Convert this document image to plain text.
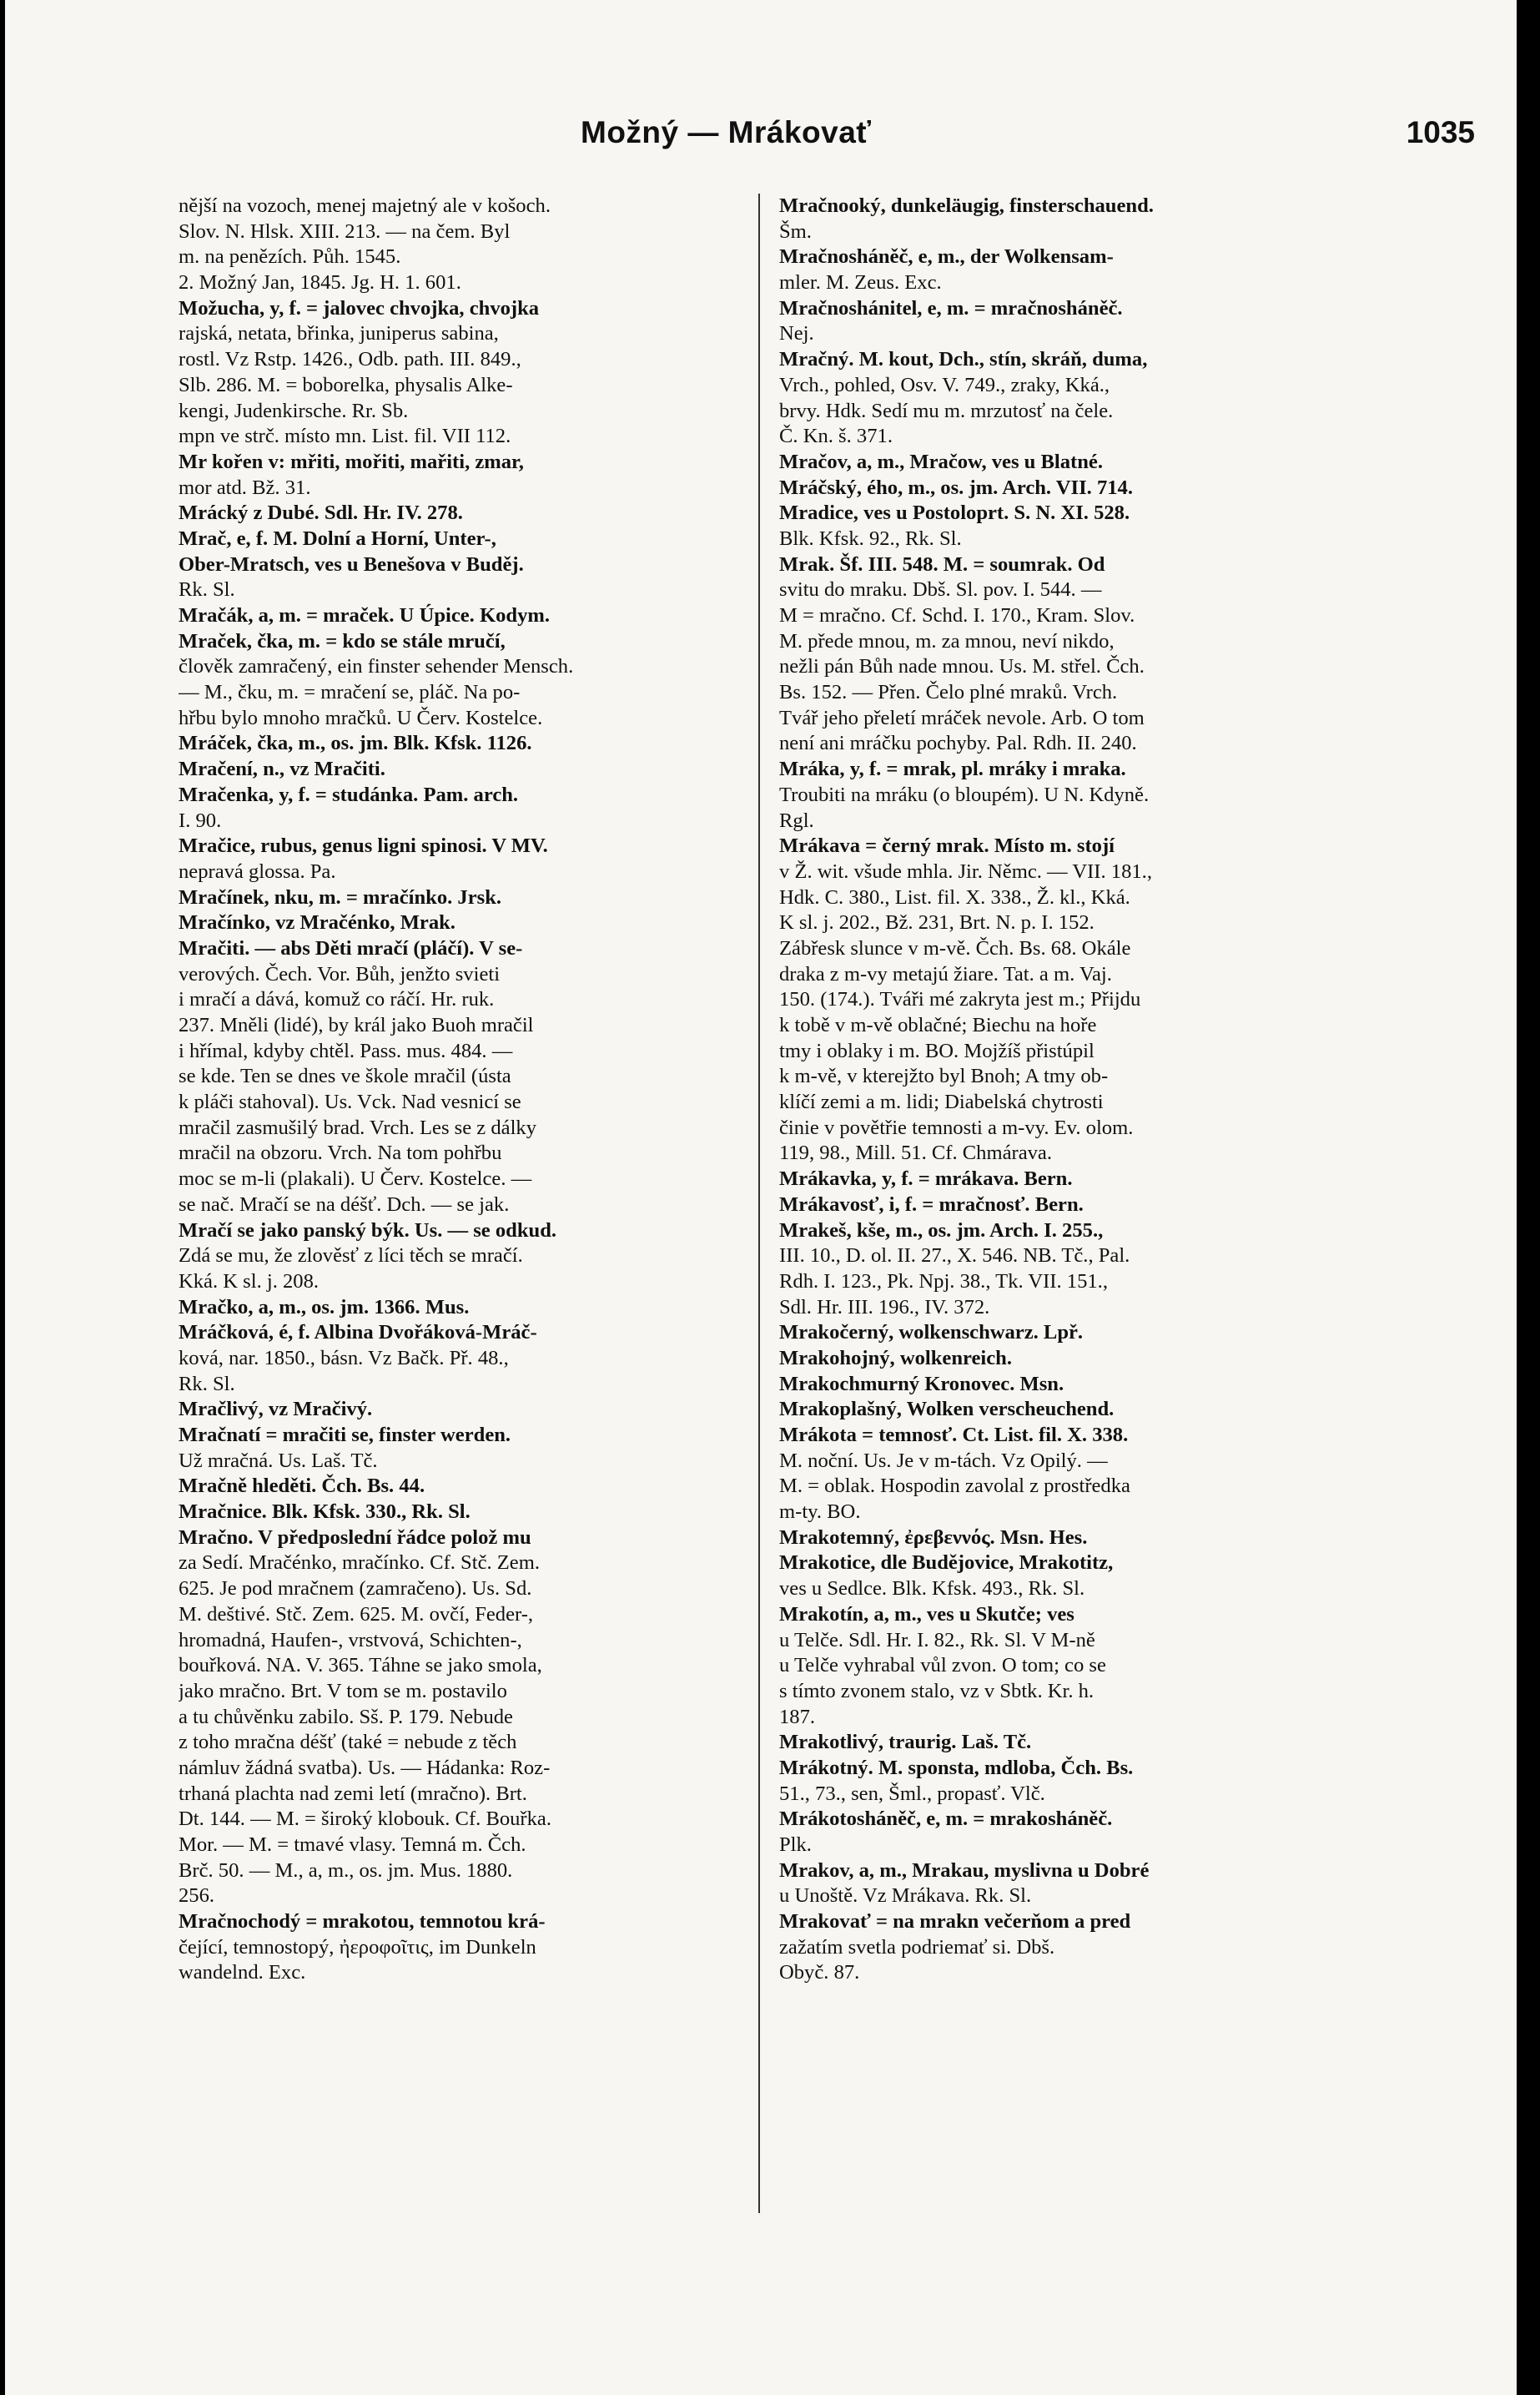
Možný — Mrákovať	1035
nější na vozoch, menej majetný ale v košoch.
Slov. N. Hlsk. XIII. 213. — na čem. Byl
m. na penězích. Půh. 1545.
2. Možný Jan, 1845. Jg. H. 1. 601.
Možucha, y, f. = jalovec chvojka, chvojka
rajská, netata, břinka, juniperus sabina,
rostl. Vz Rstp. 1426., Odb. path. III. 849.,
Slb. 286. M. = boborelka, physalis Alke-
kengi, Judenkirsche. Rr. Sb.
mpn ve strč. místo mn. List. fil. VII 112.
Mr kořen v: mřiti, mořiti, mařiti, zmar,
mor atd. Bž. 31.
Mrácký z Dubé. Sdl. Hr. IV. 278.
Mrač, e, f. M. Dolní a Horní, Unter-,
Ober-Mratsch, ves u Benešova v Buděj.
Rk. Sl.
Mračák, a, m. = mraček. U Úpice. Kodym.
Mraček, čka, m. = kdo se stále mručí,
člověk zamračený, ein finster sehender Mensch.
— M., čku, m. = mračení se, pláč. Na po-
hřbu bylo mnoho mračků. U Červ. Kostelce.
Mráček, čka, m., os. jm. Blk. Kfsk. 1126.
Mračení, n., vz Mračiti.
Mračenka, y, f. = studánka. Pam. arch.
I. 90.
Mračice, rubus, genus ligni spinosi. V MV.
nepravá glossa. Pa.
Mračínek, nku, m. = mračínko. Jrsk.
Mračínko, vz Mračénko, Mrak.
Mračiti. — abs Děti mračí (pláčí). V se-
verových. Čech. Vor. Bůh, jenžto svieti
i mračí a dává, komuž co ráčí. Hr. ruk.
237. Mněli (lidé), by král jako Buoh mračil
i hřímal, kdyby chtěl. Pass. mus. 484. —
se kde. Ten se dnes ve škole mračil (ústa
k pláči stahoval). Us. Vck. Nad vesnicí se
mračil zasmušilý brad. Vrch. Les se z dálky
mračil na obzoru. Vrch. Na tom pohřbu
moc se m-li (plakali). U Červ. Kostelce. —
se nač. Mračí se na déšť. Dch. — se jak.
Mračí se jako panský býk. Us. — se odkud.
Zdá se mu, že zlověsť z líci těch se mračí.
Kká. K sl. j. 208.
Mračko, a, m., os. jm. 1366. Mus.
Mráčková, é, f. Albina Dvořáková-Mráč-
ková, nar. 1850., básn. Vz Bačk. Př. 48.,
Rk. Sl.
Mračlivý, vz Mračivý.
Mračnatí = mračiti se, finster werden.
Už mračná. Us. Laš. Tč.
Mračně hleděti. Čch. Bs. 44.
Mračnice. Blk. Kfsk. 330., Rk. Sl.
Mračno. V předposlední řádce polož mu
za Sedí. Mračénko, mračínko. Cf. Stč. Zem.
625. Je pod mračnem (zamračeno). Us. Sd.
M. deštivé. Stč. Zem. 625. M. ovčí, Feder-,
hromadná, Haufen-, vrstvová, Schichten-,
bouřková. NA. V. 365. Táhne se jako smola,
jako mračno. Brt. V tom se m. postavilo
a tu chůvěnku zabilo. Sš. P. 179. Nebude
z toho mračna déšť (také = nebude z těch
námluv žádná svatba). Us. — Hádanka: Roz-
trhaná plachta nad zemi letí (mračno). Brt.
Dt. 144. — M. = široký klobouk. Cf. Bouřka.
Mor. — M. = tmavé vlasy. Temná m. Čch.
Brč. 50. — M., a, m., os. jm. Mus. 1880.
256.
Mračnochodý = mrakotou, temnotou krá-
čející, temnostopý, ἠεροφοῖτις, im Dunkeln
wandelnd. Exc.
Mračnooký, dunkeläugig, finsterschauend.
Šm.
Mračnosháněč, e, m., der Wolkensam-
mler. M. Zeus. Exc.
Mračnoshánitel, e, m. = mračnosháněč.
Nej.
Mračný. M. kout, Dch., stín, skráň, duma,
Vrch., pohled, Osv. V. 749., zraky, Kká.,
brvy. Hdk. Sedí mu m. mrzutosť na čele.
Č. Kn. š. 371.
Mračov, a, m., Mračow, ves u Blatné.
Mráčský, ého, m., os. jm. Arch. VII. 714.
Mradice, ves u Postoloprt. S. N. XI. 528.
Blk. Kfsk. 92., Rk. Sl.
Mrak. Šf. III. 548. M. = soumrak. Od
svitu do mraku. Dbš. Sl. pov. I. 544. —
M = mračno. Cf. Schd. I. 170., Kram. Slov.
M. přede mnou, m. za mnou, neví nikdo,
nežli pán Bůh nade mnou. Us. M. střel. Čch.
Bs. 152. — Přen. Čelo plné mraků. Vrch.
Tvář jeho přeletí mráček nevole. Arb. O tom
není ani mráčku pochyby. Pal. Rdh. II. 240.
Mráka, y, f. = mrak, pl. mráky i mraka.
Troubiti na mráku (o bloupém). U N. Kdyně.
Rgl.
Mrákava = černý mrak. Místo m. stojí
v Ž. wit. všude mhla. Jir. Němc. — VII. 181.,
Hdk. C. 380., List. fil. X. 338., Ž. kl., Kká.
K sl. j. 202., Bž. 231, Brt. N. p. I. 152.
Zábřesk slunce v m-vě. Čch. Bs. 68. Okále
draka z m-vy metajú žiare. Tat. a m. Vaj.
150. (174.). Tváři mé zakryta jest m.; Přijdu
k tobě v m-vě oblačné; Biechu na hoře
tmy i oblaky i m. BO. Mojžíš přistúpil
k m-vě, v kterejžto byl Bnoh; A tmy ob-
klíčí zemi a m. lidi; Diabelská chytrosti
činie v povětřie temnosti a m-vy. Ev. olom.
119, 98., Mill. 51. Cf. Chmárava.
Mrákavka, y, f. = mrákava. Bern.
Mrákavosť, i, f. = mračnosť. Bern.
Mrakeš, kše, m., os. jm. Arch. I. 255.,
III. 10., D. ol. II. 27., X. 546. NB. Tč., Pal.
Rdh. I. 123., Pk. Npj. 38., Tk. VII. 151.,
Sdl. Hr. III. 196., IV. 372.
Mrakočerný, wolkenschwarz. Lpř.
Mrakohojný, wolkenreich.
Mrakochmurný Kronovec. Msn.
Mrakoplašný, Wolken verscheuchend.
Mrákota = temnosť. Ct. List. fil. X. 338.
M. noční. Us. Je v m-tách. Vz Opilý. —
M. = oblak. Hospodin zavolal z prostředka
m-ty. BO.
Mrakotemný, ἐρεβεννός. Msn. Hes.
Mrakotice, dle Budějovice, Mrakotitz,
ves u Sedlce. Blk. Kfsk. 493., Rk. Sl.
Mrakotín, a, m., ves u Skutče; ves
u Telče. Sdl. Hr. I. 82., Rk. Sl. V M-ně
u Telče vyhrabal vůl zvon. O tom; co se
s tímto zvonem stalo, vz v Sbtk. Kr. h.
187.
Mrakotlivý, traurig. Laš. Tč.
Mrákotný. M. sponsta, mdloba, Čch. Bs.
51., 73., sen, Šml., propasť. Vlč.
Mrákotosháněč, e, m. = mrakosháněč.
Plk.
Mrakov, a, m., Mrakau, myslivna u Dobré
u Unoště. Vz Mrákava. Rk. Sl.
Mrakovať = na mrakn večerňom a pred
zažatím svetla podriemať si. Dbš.
Obyč. 87.
